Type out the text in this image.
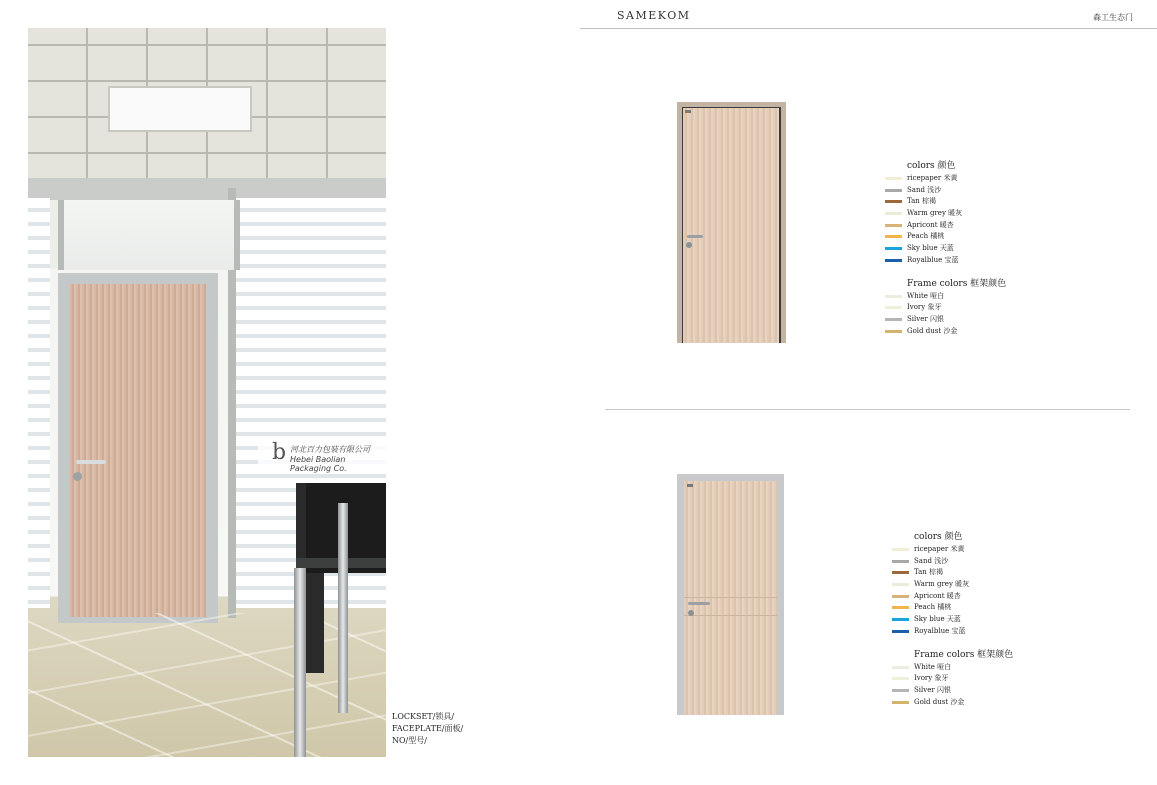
b 河北百力包装有限公司
Hebei Baolian Packaging Co.
LOCKSET/锁具/
FACEPLATE/面板/
NO/型号/
SAMEKOM	森工生态门
colors 颜色
ricepaper 米黄
Sand 浅沙
Tan 棕褐
Warm grey 暖灰
Apricont 暖杏
Peach 橘桃
Sky blue 天蓝
Royalblue 宝蓝
Frame colors 框架颜色
White 哑白
Ivory 象牙
Silver 闪银
Gold dust 沙金
colors 颜色
ricepaper 米黄
Sand 浅沙
Tan 棕褐
Warm grey 暖灰
Apricont 暖杏
Peach 橘桃
Sky blue 天蓝
Royalblue 宝蓝
Frame colors 框架颜色
White 哑白
Ivory 象牙
Silver 闪银
Gold dust 沙金
